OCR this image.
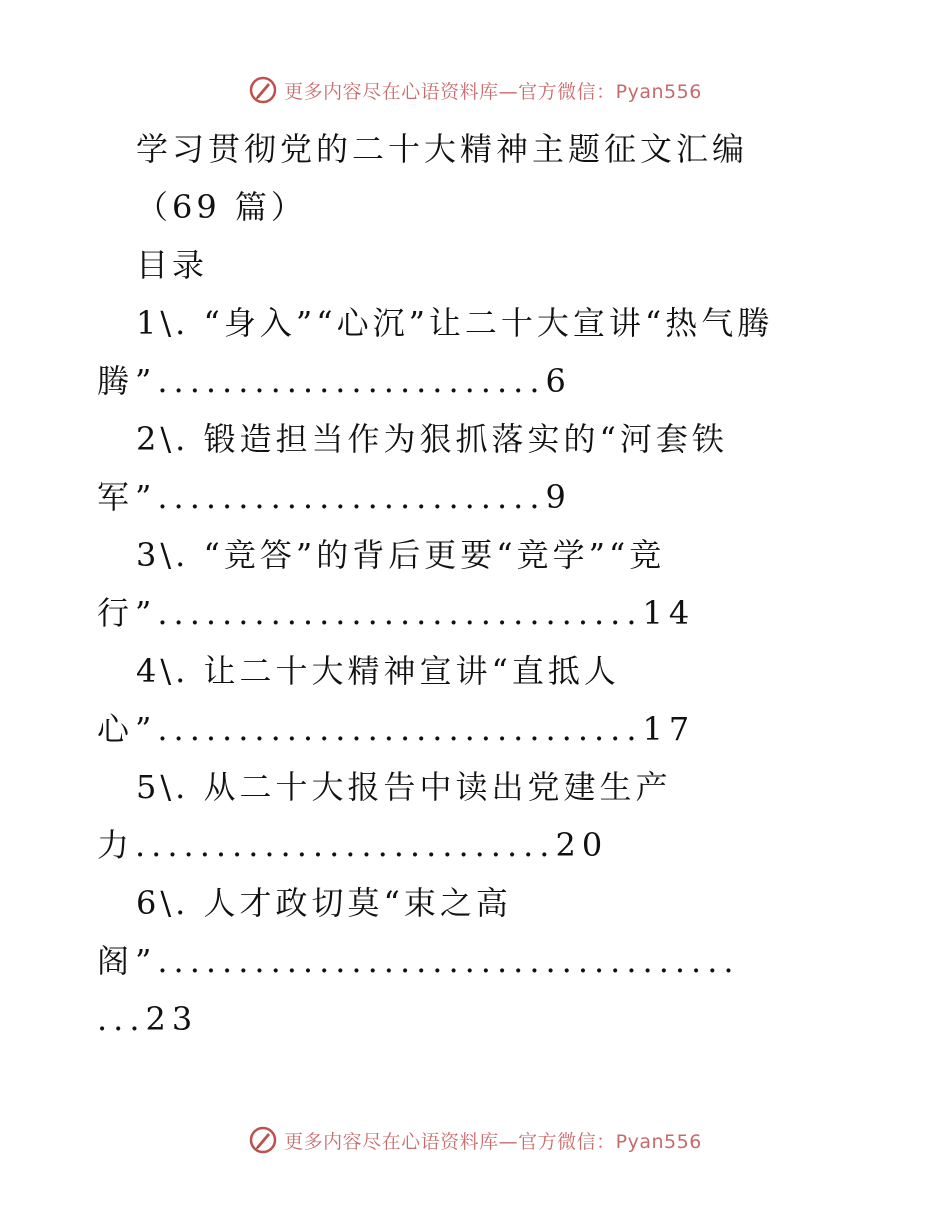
更多内容尽在心语资料库—官方微信：Pyan556
学习贯彻党的二十大精神主题征文汇编
（69 篇）
目录
1\. “身入”“心沉”让二十大宣讲“热气腾
腾”........................6
2\. 锻造担当作为狠抓落实的“河套铁
军”........................9
3\. “竞答”的背后更要“竞学”“竞
行”..............................14
4\. 让二十大精神宣讲“直抵人
心”..............................17
5\. 从二十大报告中读出党建生产
力..........................20
6\. 人才政切莫“束之高
阁”....................................
...23
更多内容尽在心语资料库—官方微信：Pyan556
